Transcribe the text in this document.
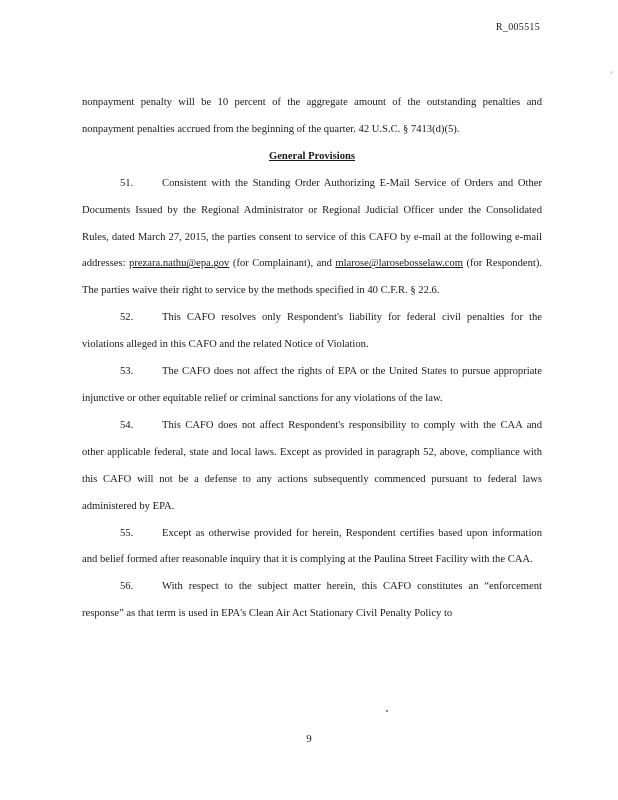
R_005515
'

nonpayment penalty will be 10 percent of the aggregate amount of the outstanding penalties and nonpayment penalties accrued from the beginning of the quarter. 42 U.S.C. § 7413(d)(5).

General Provisions

51.	Consistent with the Standing Order Authorizing E-Mail Service of Orders and Other Documents Issued by the Regional Administrator or Regional Judicial Officer under the Consolidated Rules, dated March 27, 2015, the parties consent to service of this CAFO by e-mail at the following e-mail addresses: prezara.nathu@epa.gov (for Complainant), and mlarose@larosebosselaw.com (for Respondent). The parties waive their right to service by the methods specified in 40 C.F.R. § 22.6.

52.	This CAFO resolves only Respondent's liability for federal civil penalties for the violations alleged in this CAFO and the related Notice of Violation.

53.	The CAFO does not affect the rights of EPA or the United States to pursue appropriate injunctive or other equitable relief or criminal sanctions for any violations of the law.

54.	This CAFO does not affect Respondent's responsibility to comply with the CAA and other applicable federal, state and local laws. Except as provided in paragraph 52, above, compliance with this CAFO will not be a defense to any actions subsequently commenced pursuant to federal laws administered by EPA.

55.	Except as otherwise provided for herein, Respondent certifies based upon information and belief formed after reasonable inquiry that it is complying at the Paulina Street Facility with the CAA.

56.	With respect to the subject matter herein, this CAFO constitutes an “enforcement response” as that term is used in EPA's Clean Air Act Stationary Civil Penalty Policy to

9
